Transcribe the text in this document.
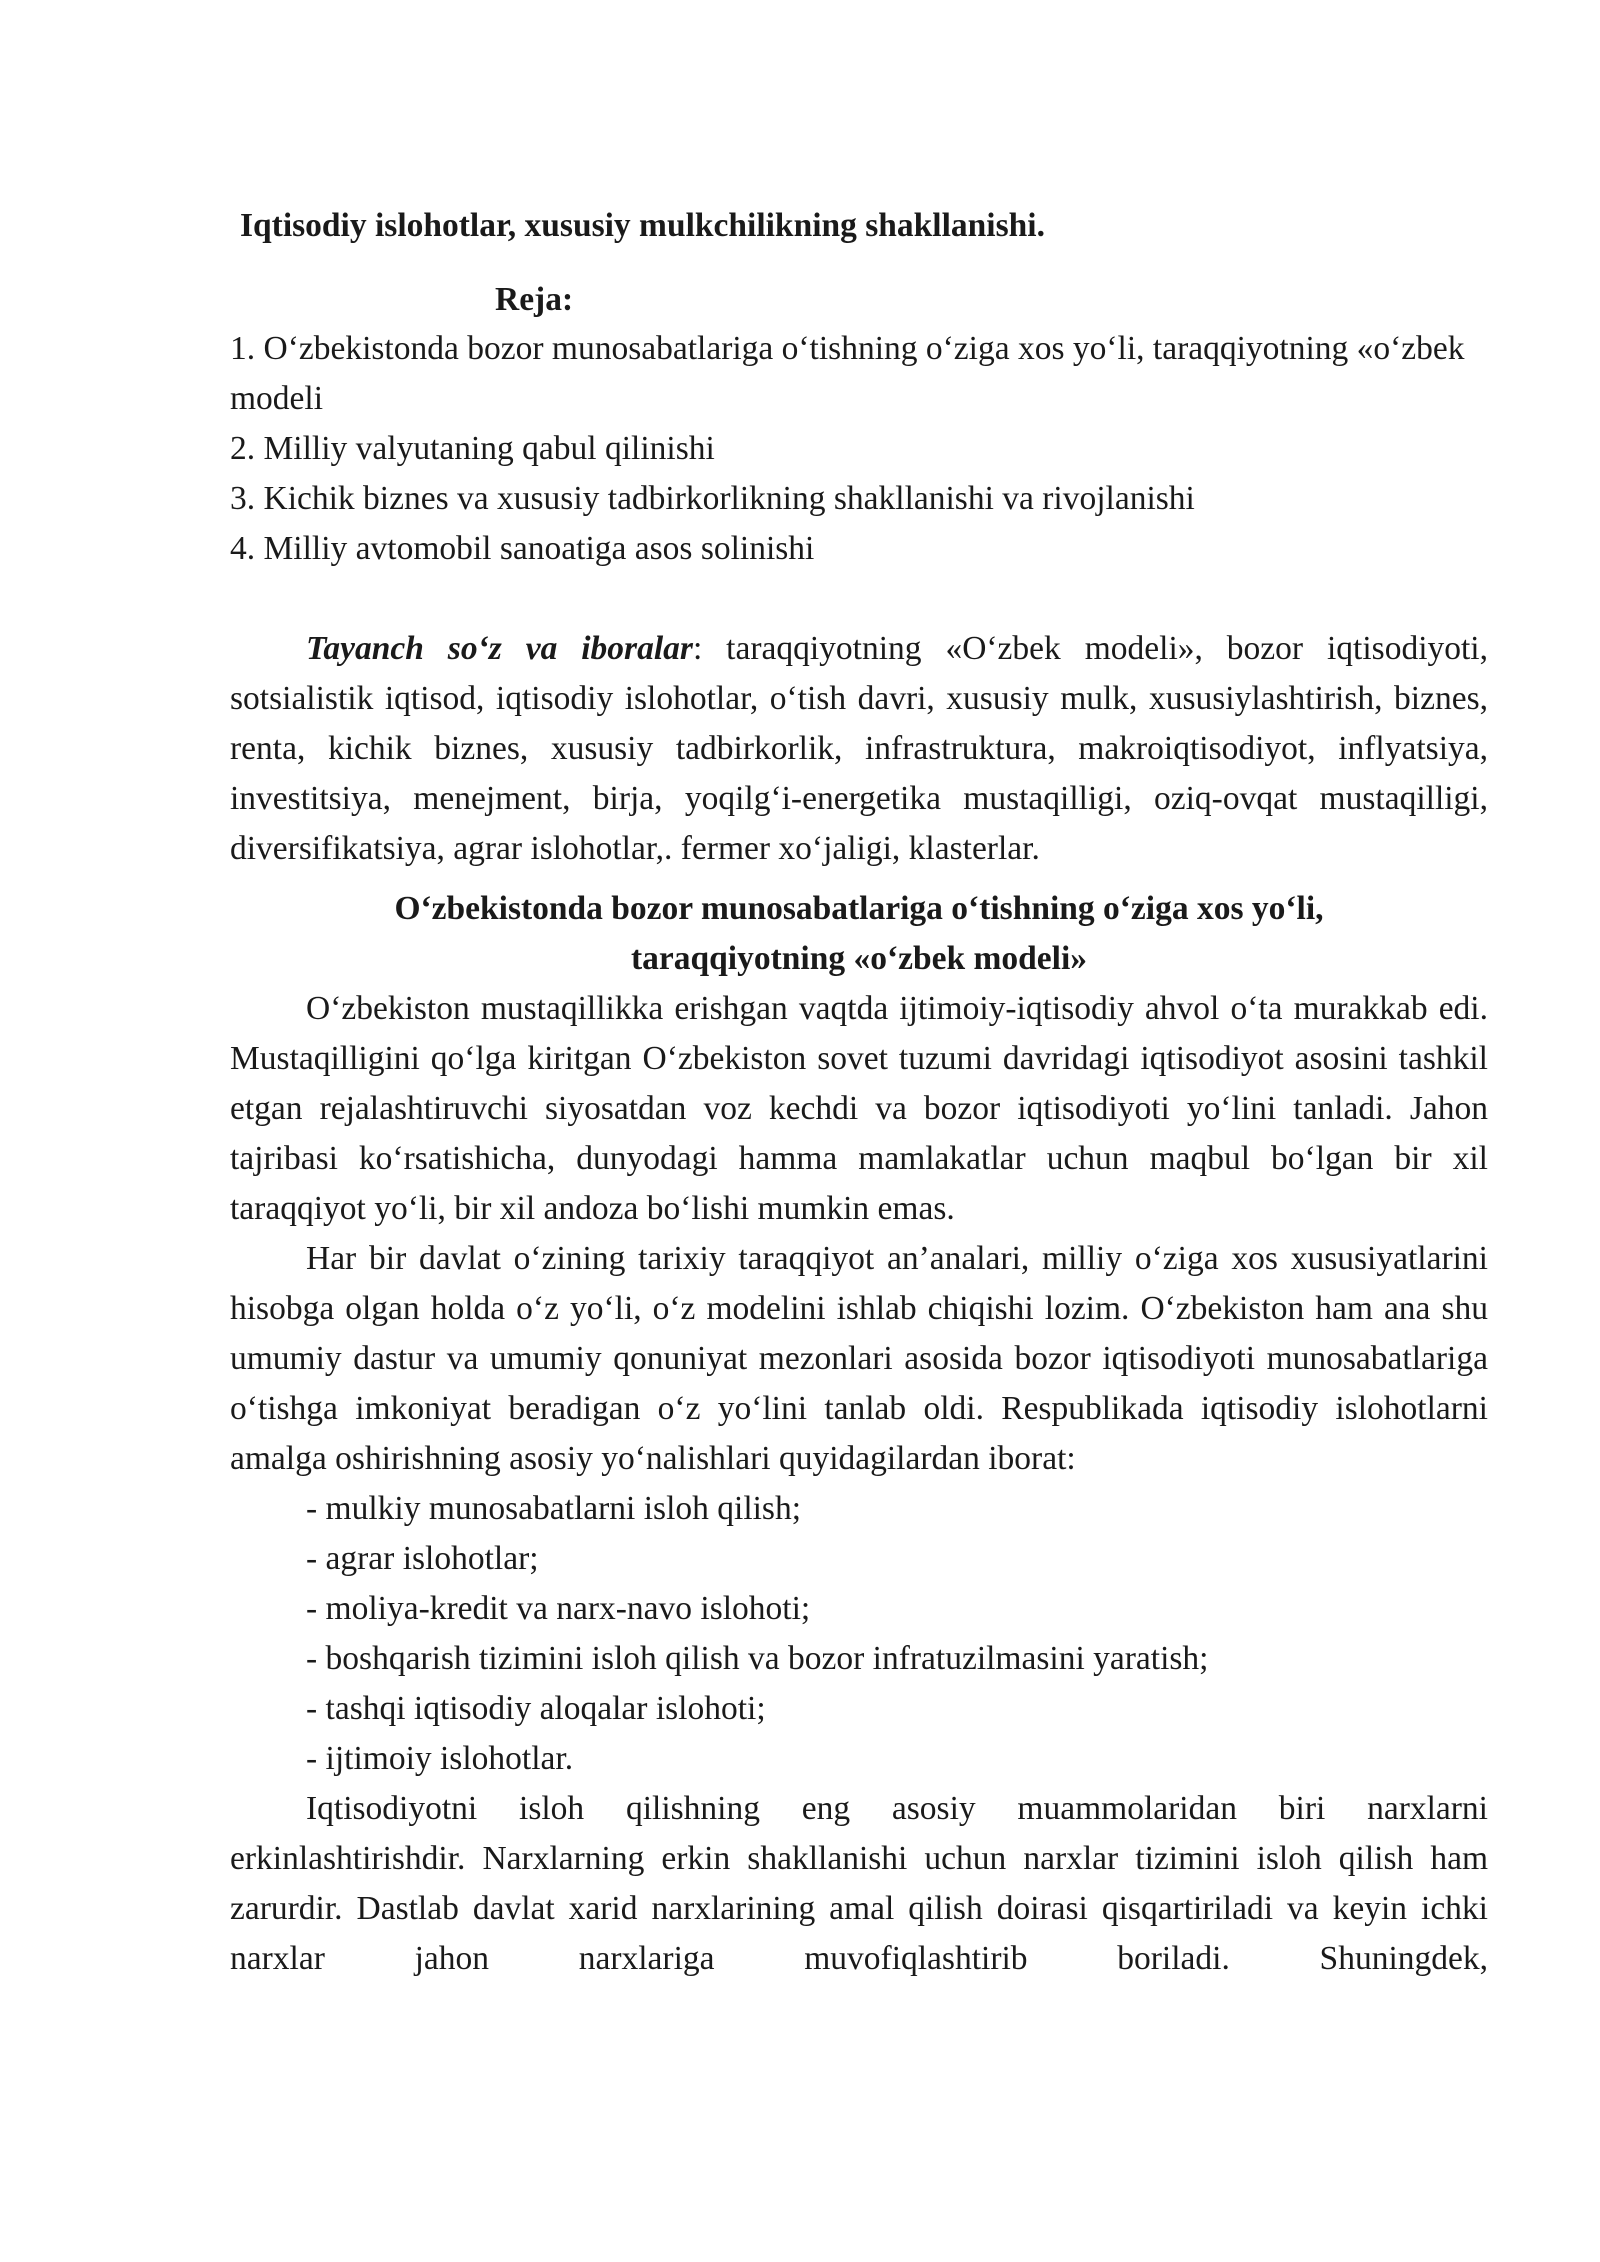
Iqtisodiy islohotlar, xususiy mulkchilikning shakllanishi.
Reja:
1. O‘zbekistonda bozor munosabatlariga o‘tishning o‘ziga xos yo‘li, taraqqiyotning «o‘zbek modeli
2. Milliy valyutaning qabul qilinishi
3. Kichik biznes va xususiy tadbirkorlikning shakllanishi va rivojlanishi
4. Milliy avtomobil sanoatiga asos solinishi

Tayanch so‘z va iboralar: taraqqiyotning «O‘zbek modeli», bozor iqtisodiyoti, sotsialistik iqtisod, iqtisodiy islohotlar, o‘tish davri, xususiy mulk, xususiylashtirish, biznes, renta, kichik biznes, xususiy tadbirkorlik, infrastruktura, makroiqtisodiyot, inflyatsiya, investitsiya, menejment, birja, yoqilg‘i-energetika mustaqilligi, oziq-ovqat mustaqilligi, diversifikatsiya, agrar islohotlar,. fermer xo‘jaligi, klasterlar.

O‘zbekistonda bozor munosabatlariga o‘tishning o‘ziga xos yo‘li,
taraqqiyotning «o‘zbek modeli»

O‘zbekiston mustaqillikka erishgan vaqtda ijtimoiy-iqtisodiy ahvol o‘ta murakkab edi. Mustaqilligini qo‘lga kiritgan O‘zbekiston sovet tuzumi davridagi iqtisodiyot asosini tashkil etgan rejalashtiruvchi siyosatdan voz kechdi va bozor iqtisodiyoti yo‘lini tanladi. Jahon tajribasi ko‘rsatishicha, dunyodagi hamma mamlakatlar uchun maqbul bo‘lgan bir xil taraqqiyot yo‘li, bir xil andoza bo‘lishi mumkin emas.

Har bir davlat o‘zining tarixiy taraqqiyot an’analari, milliy o‘ziga xos xususiyatlarini hisobga olgan holda o‘z yo‘li, o‘z modelini ishlab chiqishi lozim. O‘zbekiston ham ana shu umumiy dastur va umumiy qonuniyat mezonlari asosida bozor iqtisodiyoti munosabatlariga o‘tishga imkoniyat beradigan o‘z yo‘lini tanlab oldi. Respublikada iqtisodiy islohotlarni amalga oshirishning asosiy yo‘nalishlari quyidagilardan iborat:

- mulkiy munosabatlarni isloh qilish;
- agrar islohotlar;
- moliya-kredit va narx-navo islohoti;
- boshqarish tizimini isloh qilish va bozor infratuzilmasini yaratish;
- tashqi iqtisodiy aloqalar islohoti;
- ijtimoiy islohotlar.

Iqtisodiyotni isloh qilishning eng asosiy muammolaridan biri narxlarni erkinlashtirishdir. Narxlarning erkin shakllanishi uchun narxlar tizimini isloh qilish ham zarurdir. Dastlab davlat xarid narxlarining amal qilish doirasi qisqartiriladi va keyin ichki narxlar jahon narxlariga muvofiqlashtirib boriladi. Shuningdek,
